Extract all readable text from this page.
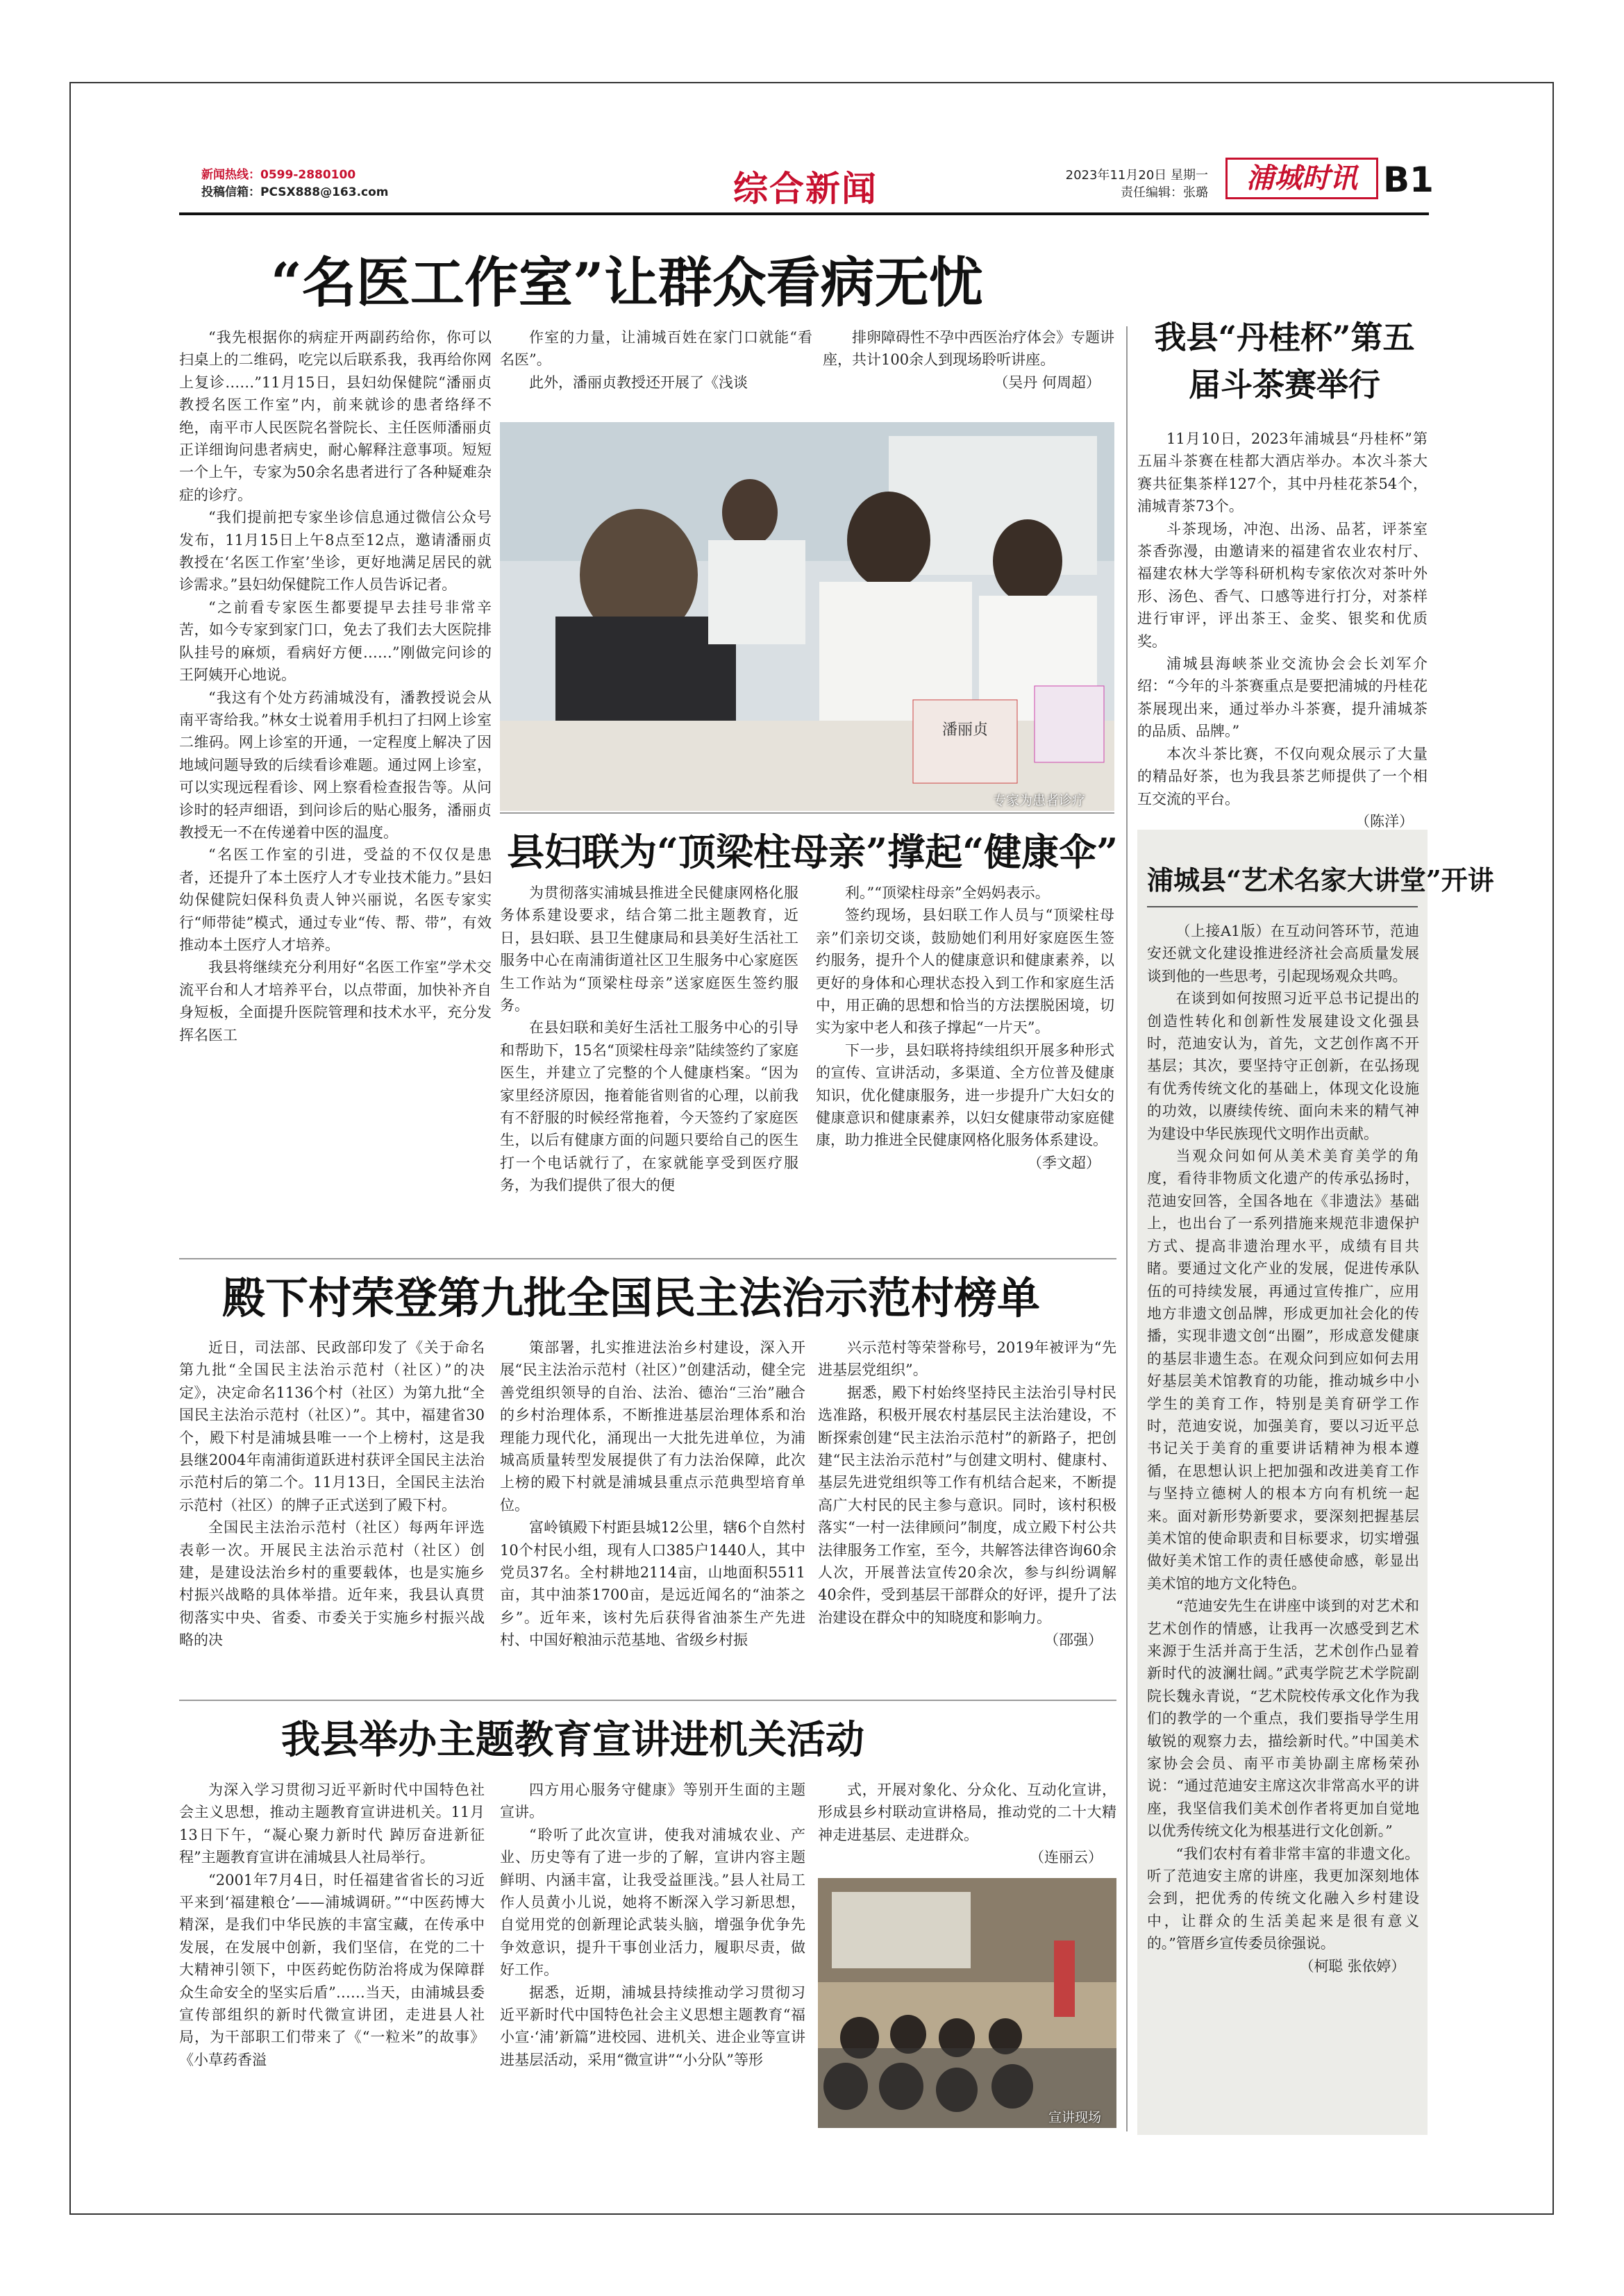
新闻热线：0599-2880100
投稿信箱：PCSX888@163.com	综合新闻	2023年11月20日 星期一
责任编辑：张璐	浦城时讯 B1
“名医工作室”让群众看病无忧

“我先根据你的病症开两副药给你，你可以扫桌上的二维码，吃完以后联系我，我再给你网上复诊……”11月15日，县妇幼保健院“潘丽贞教授名医工作室”内，前来就诊的患者络绎不绝，南平市人民医院名誉院长、主任医师潘丽贞正详细询问患者病史，耐心解释注意事项。短短一个上午，专家为50余名患者进行了各种疑难杂症的诊疗。

“我们提前把专家坐诊信息通过微信公众号发布，11月15日上午8点至12点，邀请潘丽贞教授在‘名医工作室’坐诊，更好地满足居民的就诊需求。”县妇幼保健院工作人员告诉记者。

“之前看专家医生都要提早去挂号非常辛苦，如今专家到家门口，免去了我们去大医院排队挂号的麻烦，看病好方便……”刚做完问诊的王阿姨开心地说。

“我这有个处方药浦城没有，潘教授说会从南平寄给我。”林女士说着用手机扫了扫网上诊室二维码。网上诊室的开通，一定程度上解决了因地域问题导致的后续看诊难题。通过网上诊室，可以实现远程看诊、网上察看检查报告等。从问诊时的轻声细语，到问诊后的贴心服务，潘丽贞教授无一不在传递着中医的温度。

“名医工作室的引进，受益的不仅仅是患者，还提升了本土医疗人才专业技术能力。”县妇幼保健院妇保科负责人钟兴丽说，名医专家实行“师带徒”模式，通过专业“传、帮、带”，有效推动本土医疗人才培养。

我县将继续充分利用好“名医工作室”学术交流平台和人才培养平台，以点带面，加快补齐自身短板，全面提升医院管理和技术水平，充分发挥名医工

作室的力量，让浦城百姓在家门口就能“看名医”。

此外，潘丽贞教授还开展了《浅谈

排卵障碍性不孕中西医治疗体会》专题讲座，共计100余人到现场聆听讲座。

（吴丹 何周超）
潘丽贞
专家为患者诊疗
我县“丹桂杯”第五届斗茶赛举行

11月10日，2023年浦城县“丹桂杯”第五届斗茶赛在桂都大酒店举办。本次斗茶大赛共征集茶样127个，其中丹桂花茶54个，浦城青茶73个。

斗茶现场，冲泡、出汤、品茗，评茶室茶香弥漫，由邀请来的福建省农业农村厅、福建农林大学等科研机构专家依次对茶叶外形、汤色、香气、口感等进行打分，对茶样进行审评，评出茶王、金奖、银奖和优质奖。

浦城县海峡茶业交流协会会长刘军介绍：“今年的斗茶赛重点是要把浦城的丹桂花茶展现出来，通过举办斗茶赛，提升浦城茶的品质、品牌。”

本次斗茶比赛，不仅向观众展示了大量的精品好茶，也为我县茶艺师提供了一个相互交流的平台。

（陈洋）
县妇联为“顶梁柱母亲”撑起“健康伞”

为贯彻落实浦城县推进全民健康网格化服务体系建设要求，结合第二批主题教育，近日，县妇联、县卫生健康局和县美好生活社工服务中心在南浦街道社区卫生服务中心家庭医生工作站为“顶梁柱母亲”送家庭医生签约服务。

在县妇联和美好生活社工服务中心的引导和帮助下，15名“顶梁柱母亲”陆续签约了家庭医生，并建立了完整的个人健康档案。“因为家里经济原因，拖着能省则省的心理，以前我有不舒服的时候经常拖着，今天签约了家庭医生，以后有健康方面的问题只要给自己的医生打一个电话就行了，在家就能享受到医疗服务，为我们提供了很大的便

利。”“顶梁柱母亲”全妈妈表示。

签约现场，县妇联工作人员与“顶梁柱母亲”们亲切交谈，鼓励她们利用好家庭医生签约服务，提升个人的健康意识和健康素养，以更好的身体和心理状态投入到工作和家庭生活中，用正确的思想和恰当的方法摆脱困境，切实为家中老人和孩子撑起“一片天”。

下一步，县妇联将持续组织开展多种形式的宣传、宣讲活动，多渠道、全方位普及健康知识，优化健康服务，进一步提升广大妇女的健康意识和健康素养，以妇女健康带动家庭健康，助力推进全民健康网格化服务体系建设。

（季文超）
浦城县“艺术名家大讲堂”开讲

（上接A1版）在互动问答环节，范迪安还就文化建设推进经济社会高质量发展谈到他的一些思考，引起现场观众共鸣。

在谈到如何按照习近平总书记提出的创造性转化和创新性发展建设文化强县时，范迪安认为，首先，文艺创作离不开基层；其次，要坚持守正创新，在弘扬现有优秀传统文化的基础上，体现文化设施的功效，以赓续传统、面向未来的精气神为建设中华民族现代文明作出贡献。

当观众问如何从美术美育美学的角度，看待非物质文化遗产的传承弘扬时，范迪安回答，全国各地在《非遗法》基础上，也出台了一系列措施来规范非遗保护方式、提高非遗治理水平，成绩有目共睹。要通过文化产业的发展，促进传承队伍的可持续发展，再通过宣传推广，应用地方非遗文创品牌，形成更加社会化的传播，实现非遗文创“出圈”，形成意发健康的基层非遗生态。在观众问到应如何去用好基层美术馆教育的功能，推动城乡中小学生的美育工作，特别是美育研学工作时，范迪安说，加强美育，要以习近平总书记关于美育的重要讲话精神为根本遵循，在思想认识上把加强和改进美育工作与坚持立德树人的根本方向有机统一起来。面对新形势新要求，要深刻把握基层美术馆的使命职责和目标要求，切实增强做好美术馆工作的责任感使命感，彰显出美术馆的地方文化特色。

“范迪安先生在讲座中谈到的对艺术和艺术创作的情感，让我再一次感受到艺术来源于生活并高于生活，艺术创作凸显着新时代的波澜壮阔。”武夷学院艺术学院副院长魏永青说，“艺术院校传承文化作为我们的教学的一个重点，我们要指导学生用敏锐的观察力去，描绘新时代。”中国美术家协会会员、南平市美协副主席杨荣孙说：“通过范迪安主席这次非常高水平的讲座，我坚信我们美术创作者将更加自觉地以优秀传统文化为根基进行文化创新。”

“我们农村有着非常丰富的非遗文化。听了范迪安主席的讲座，我更加深刻地体会到，把优秀的传统文化融入乡村建设中，让群众的生活美起来是很有意义的。”管厝乡宣传委员徐强说。

（柯聪 张依婷）
殿下村荣登第九批全国民主法治示范村榜单

近日，司法部、民政部印发了《关于命名第九批“全国民主法治示范村（社区）”的决定》，决定命名1136个村（社区）为第九批“全国民主法治示范村（社区）”。其中，福建省30个，殿下村是浦城县唯一一个上榜村，这是我县继2004年南浦街道跃进村获评全国民主法治示范村后的第二个。11月13日，全国民主法治示范村（社区）的牌子正式送到了殿下村。

全国民主法治示范村（社区）每两年评选表彰一次。开展民主法治示范村（社区）创建，是建设法治乡村的重要载体，也是实施乡村振兴战略的具体举措。近年来，我县认真贯彻落实中央、省委、市委关于实施乡村振兴战略的决

策部署，扎实推进法治乡村建设，深入开展“民主法治示范村（社区）”创建活动，健全完善党组织领导的自治、法治、德治“三治”融合的乡村治理体系，不断推进基层治理体系和治理能力现代化，涌现出一大批先进单位，为浦城高质量转型发展提供了有力法治保障，此次上榜的殿下村就是浦城县重点示范典型培育单位。

富岭镇殿下村距县城12公里，辖6个自然村10个村民小组，现有人口385户1440人，其中党员37名。全村耕地2114亩，山地面积5511亩，其中油茶1700亩，是远近闻名的“油茶之乡”。近年来，该村先后获得省油茶生产先进村、中国好粮油示范基地、省级乡村振

兴示范村等荣誉称号，2019年被评为“先进基层党组织”。

据悉，殿下村始终坚持民主法治引导村民选准路，积极开展农村基层民主法治建设，不断探索创建“民主法治示范村”的新路子，把创建“民主法治示范村”与创建文明村、健康村、基层先进党组织等工作有机结合起来，不断提高广大村民的民主参与意识。同时，该村积极落实“一村一法律顾问”制度，成立殿下村公共法律服务工作室，至今，共解答法律咨询60余人次，开展普法宣传20余次，参与纠纷调解40余件，受到基层干部群众的好评，提升了法治建设在群众中的知晓度和影响力。

（邵强）
我县举办主题教育宣讲进机关活动

为深入学习贯彻习近平新时代中国特色社会主义思想，推动主题教育宣讲进机关。11月13日下午，“凝心聚力新时代 踔厉奋进新征程”主题教育宣讲在浦城县人社局举行。

“2001年7月4日，时任福建省省长的习近平来到‘福建粮仓’——浦城调研。”“中医药博大精深，是我们中华民族的丰富宝藏，在传承中发展，在发展中创新，我们坚信，在党的二十大精神引领下，中医药蛇伤防治将成为保障群众生命安全的坚实后盾”……当天，由浦城县委宣传部组织的新时代微宣讲团，走进县人社局，为干部职工们带来了《“一粒米”的故事》《小草药香溢

四方用心服务守健康》等别开生面的主题宣讲。

“聆听了此次宣讲，使我对浦城农业、产业、历史等有了进一步的了解，宣讲内容主题鲜明、内涵丰富，让我受益匪浅。”县人社局工作人员黄小儿说，她将不断深入学习新思想，自觉用党的创新理论武装头脑，增强争优争先争效意识，提升干事创业活力，履职尽责，做好工作。

据悉，近期，浦城县持续推动学习贯彻习近平新时代中国特色社会主义思想主题教育“福小宣·‘浦’新篇”进校园、进机关、进企业等宣讲进基层活动，采用“微宣讲”“小分队”等形

式，开展对象化、分众化、互动化宣讲，形成县乡村联动宣讲格局，推动党的二十大精神走进基层、走进群众。

（连丽云）
宣讲现场
